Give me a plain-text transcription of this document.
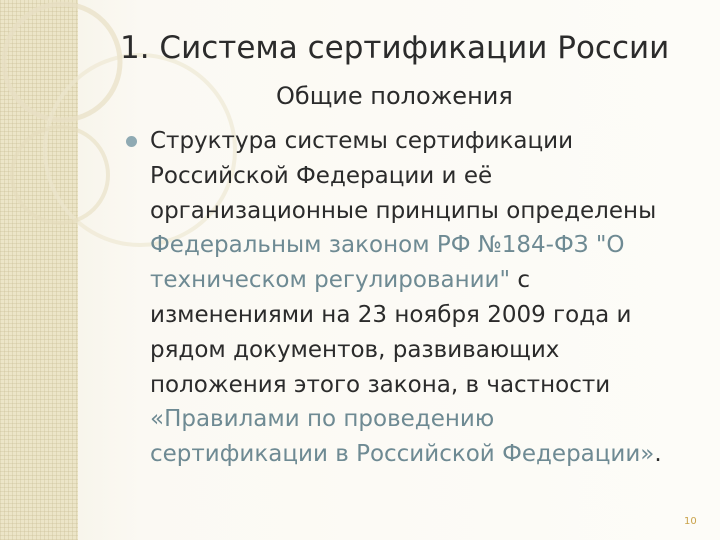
1. Система сертификации России
Общие положения

Структура системы сертификации
Российской Федерации и её
организационные принципы определены
Федеральным законом РФ №184-ФЗ "О
техническом регулировании" с
изменениями на 23 ноября 2009 года и
рядом документов, развивающих
положения этого закона, в частности
«Правилами по проведению
сертификации в Российской Федерации».

10
